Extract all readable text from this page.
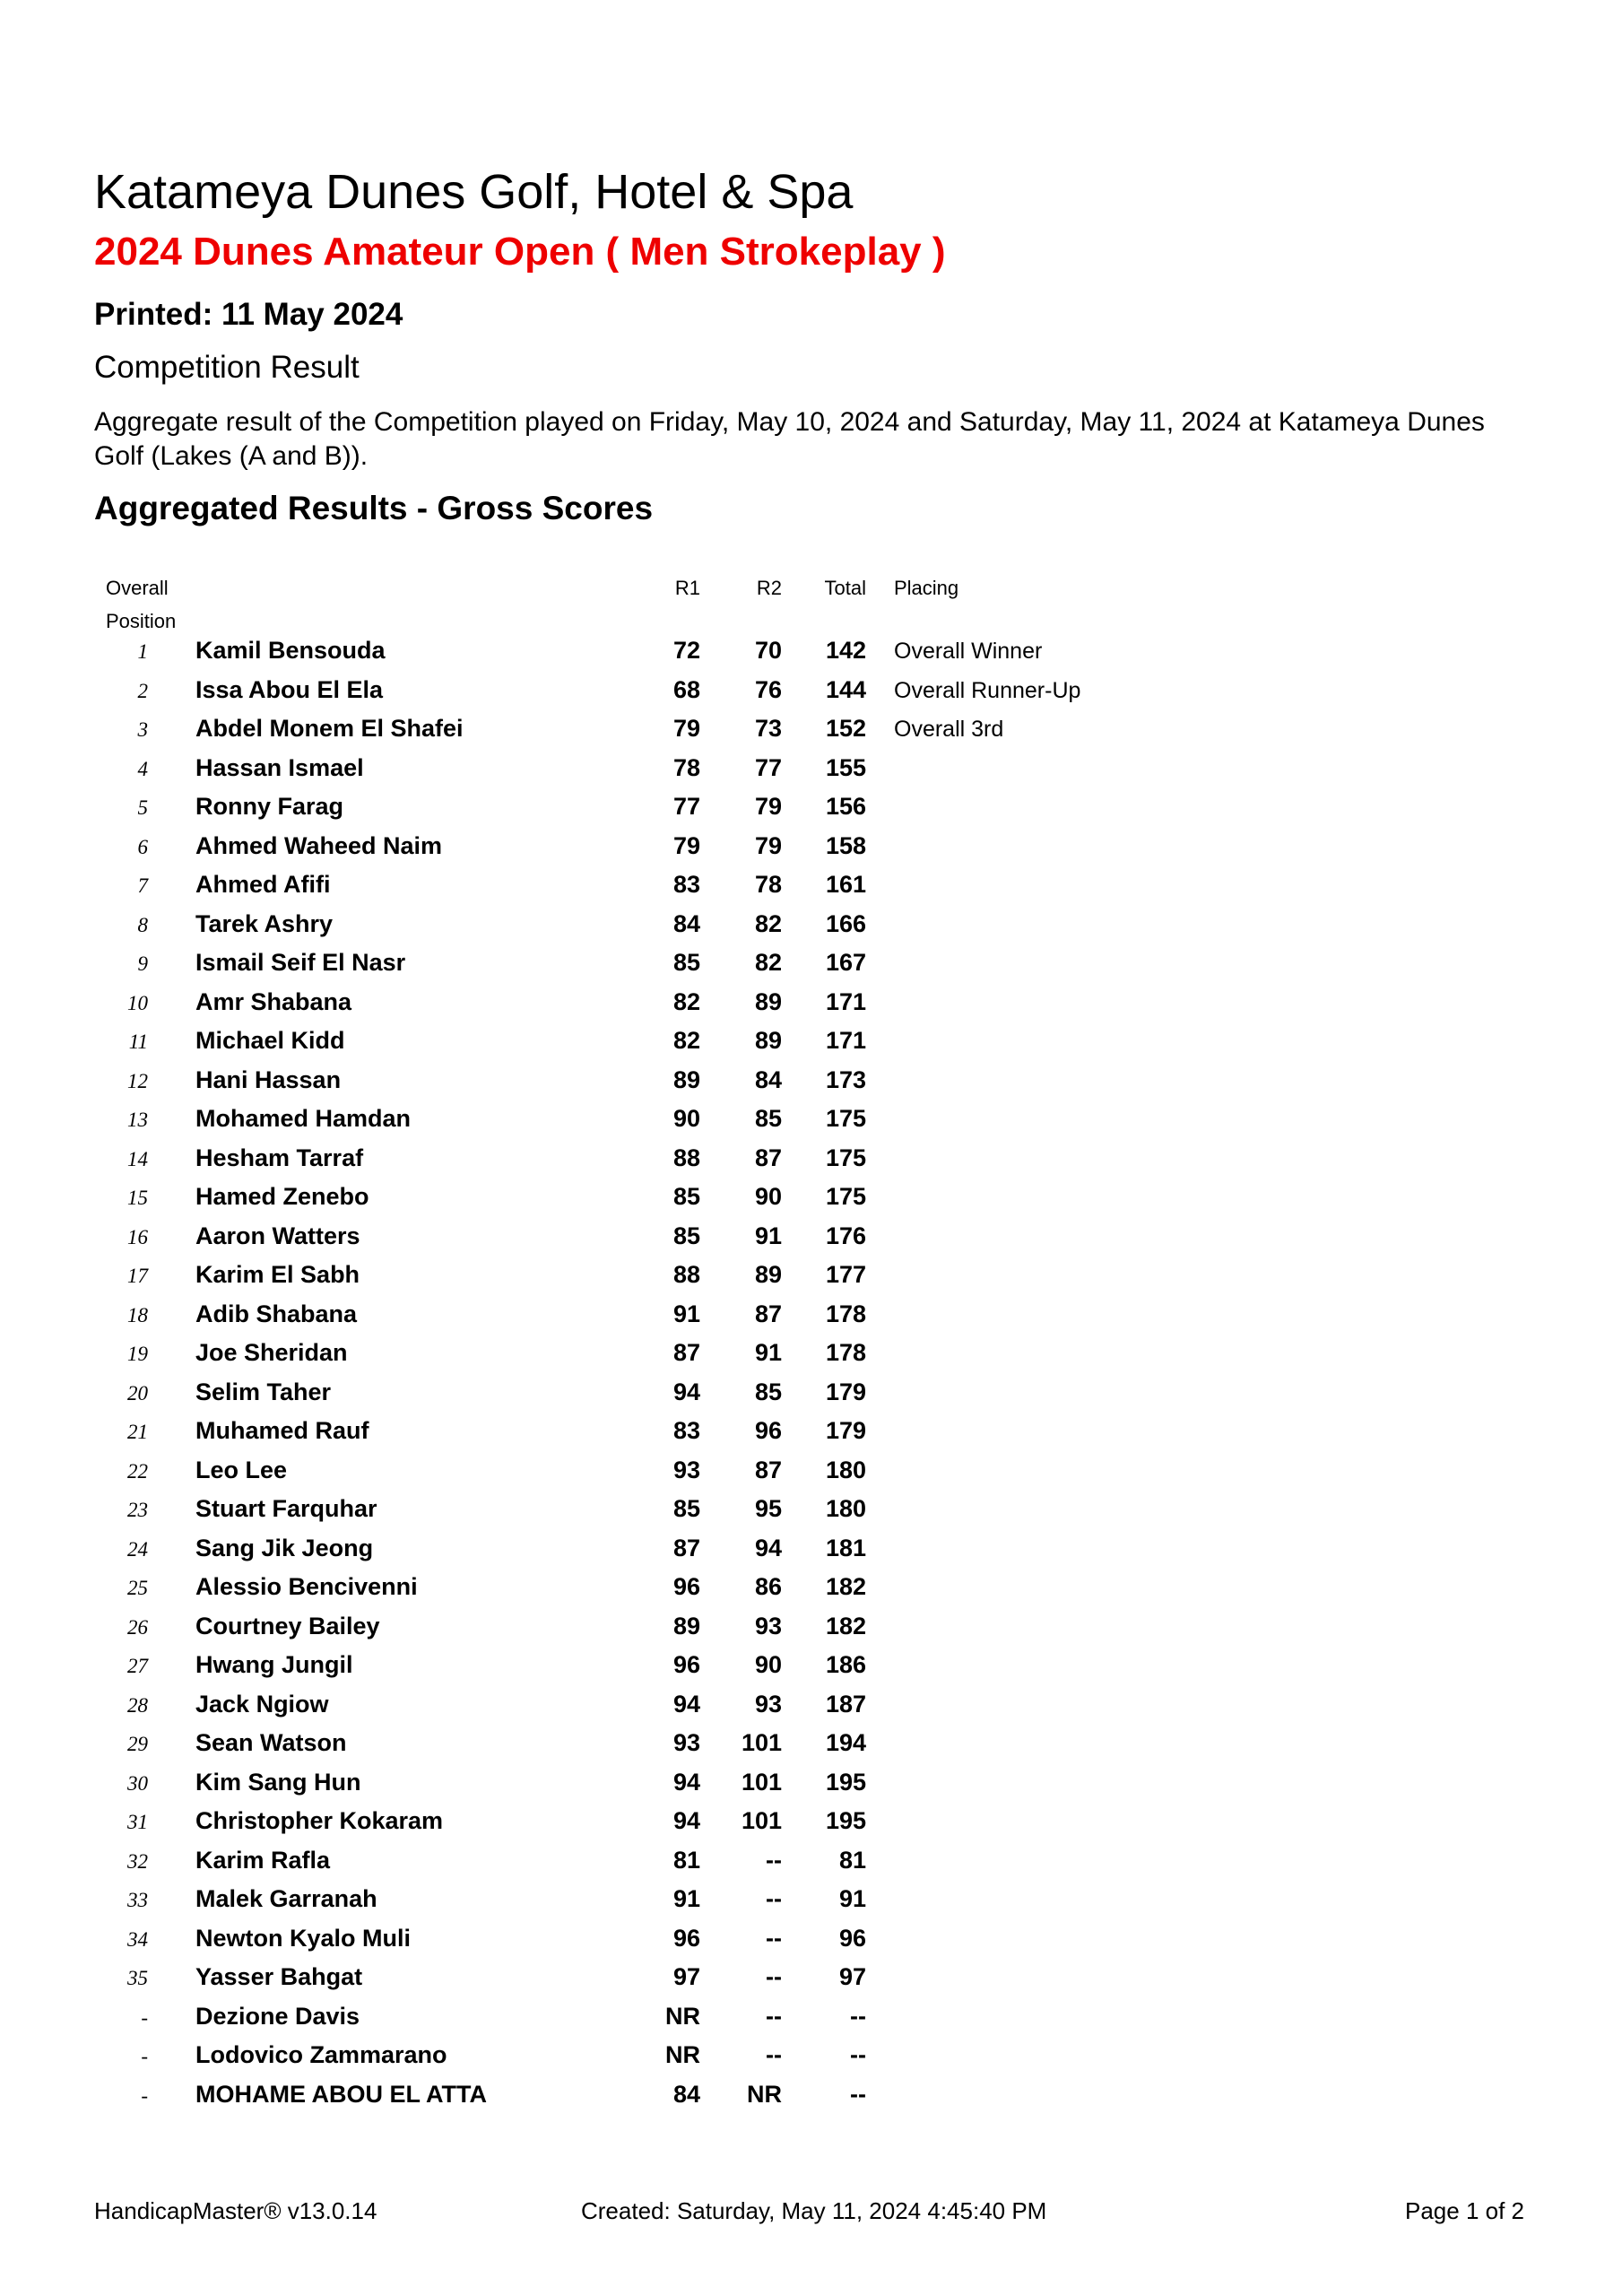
Katameya Dunes Golf, Hotel & Spa
2024 Dunes Amateur Open ( Men Strokeplay )
Printed: 11 May 2024
Competition Result
Aggregate result of the Competition played on Friday, May 10, 2024 and Saturday, May 11, 2024 at Katameya Dunes Golf (Lakes (A and B)).
Aggregated Results - Gross Scores
Overall
Position
R1	R2	Total	Placing
1	Kamil Bensouda	72	70	142	Overall Winner
2	Issa Abou El Ela	68	76	144	Overall Runner-Up
3	Abdel Monem El Shafei	79	73	152	Overall 3rd
4	Hassan Ismael	78	77	155
5	Ronny Farag	77	79	156
6	Ahmed Waheed Naim	79	79	158
7	Ahmed Afifi	83	78	161
8	Tarek Ashry	84	82	166
9	Ismail Seif El Nasr	85	82	167
10	Amr Shabana	82	89	171
11	Michael Kidd	82	89	171
12	Hani Hassan	89	84	173
13	Mohamed Hamdan	90	85	175
14	Hesham Tarraf	88	87	175
15	Hamed Zenebo	85	90	175
16	Aaron Watters	85	91	176
17	Karim El Sabh	88	89	177
18	Adib Shabana	91	87	178
19	Joe Sheridan	87	91	178
20	Selim Taher	94	85	179
21	Muhamed Rauf	83	96	179
22	Leo Lee	93	87	180
23	Stuart Farquhar	85	95	180
24	Sang Jik Jeong	87	94	181
25	Alessio Bencivenni	96	86	182
26	Courtney Bailey	89	93	182
27	Hwang Jungil	96	90	186
28	Jack Ngiow	94	93	187
29	Sean Watson	93	101	194
30	Kim Sang Hun	94	101	195
31	Christopher Kokaram	94	101	195
32	Karim Rafla	81	--	81
33	Malek Garranah	91	--	91
34	Newton Kyalo Muli	96	--	96
35	Yasser Bahgat	97	--	97
-	Dezione Davis	NR	--	--
-	Lodovico Zammarano	NR	--	--
-	MOHAME ABOU EL ATTA	84	NR	--
HandicapMaster® v13.0.14	Created: Saturday, May 11, 2024 4:45:40 PM	Page 1 of 2
